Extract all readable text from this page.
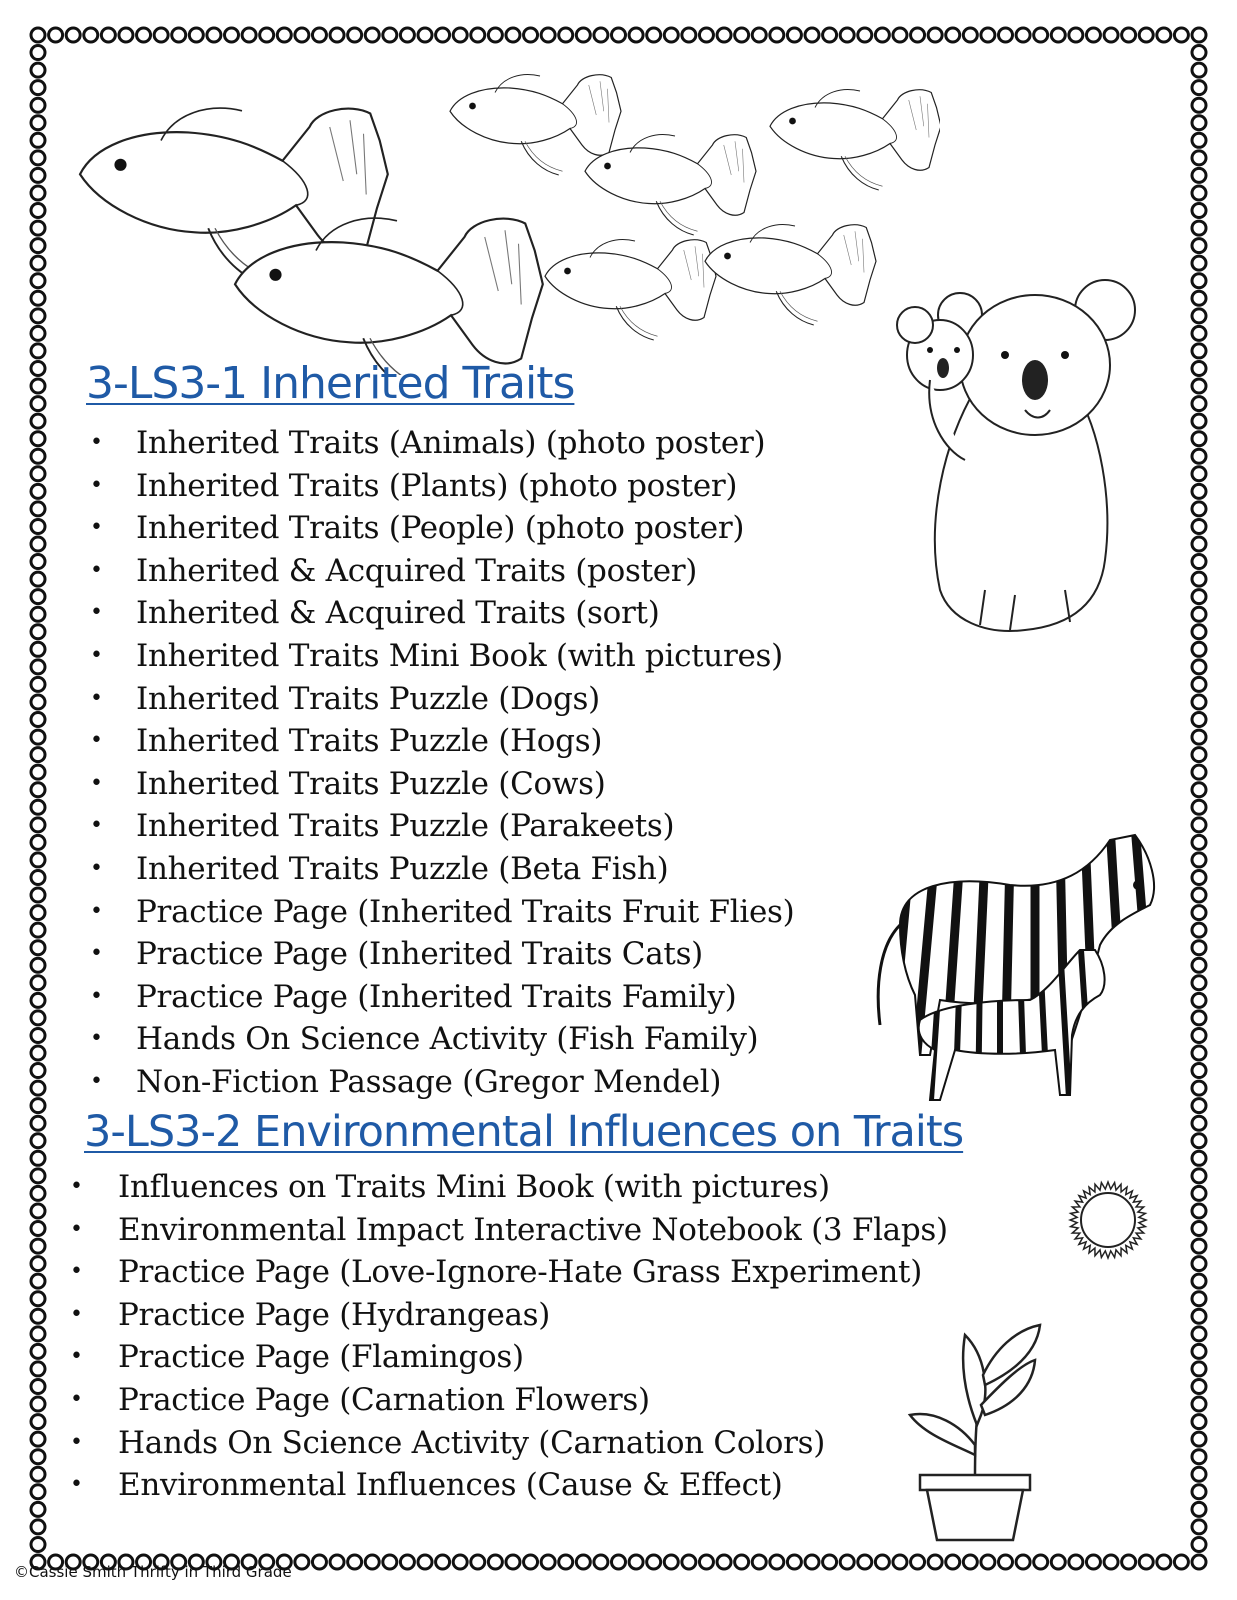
3-LS3-1 Inherited Traits
• Inherited Traits (Animals) (photo poster)
• Inherited Traits (Plants) (photo poster)
• Inherited Traits (People) (photo poster)
• Inherited & Acquired Traits (poster)
• Inherited & Acquired Traits (sort)
• Inherited Traits Mini Book (with pictures)
• Inherited Traits Puzzle (Dogs)
• Inherited Traits Puzzle (Hogs)
• Inherited Traits Puzzle (Cows)
• Inherited Traits Puzzle (Parakeets)
• Inherited Traits Puzzle (Beta Fish)
• Practice Page (Inherited Traits Fruit Flies)
• Practice Page (Inherited Traits Cats)
• Practice Page (Inherited Traits Family)
• Hands On Science Activity (Fish Family)
• Non-Fiction Passage (Gregor Mendel)
3-LS3-2 Environmental Influences on Traits
• Influences on Traits Mini Book (with pictures)
• Environmental Impact Interactive Notebook (3 Flaps)
• Practice Page (Love-Ignore-Hate Grass Experiment)
• Practice Page (Hydrangeas)
• Practice Page (Flamingos)
• Practice Page (Carnation Flowers)
• Hands On Science Activity (Carnation Colors)
• Environmental Influences (Cause & Effect)
©Cassie Smith Thrifty in Third Grade
